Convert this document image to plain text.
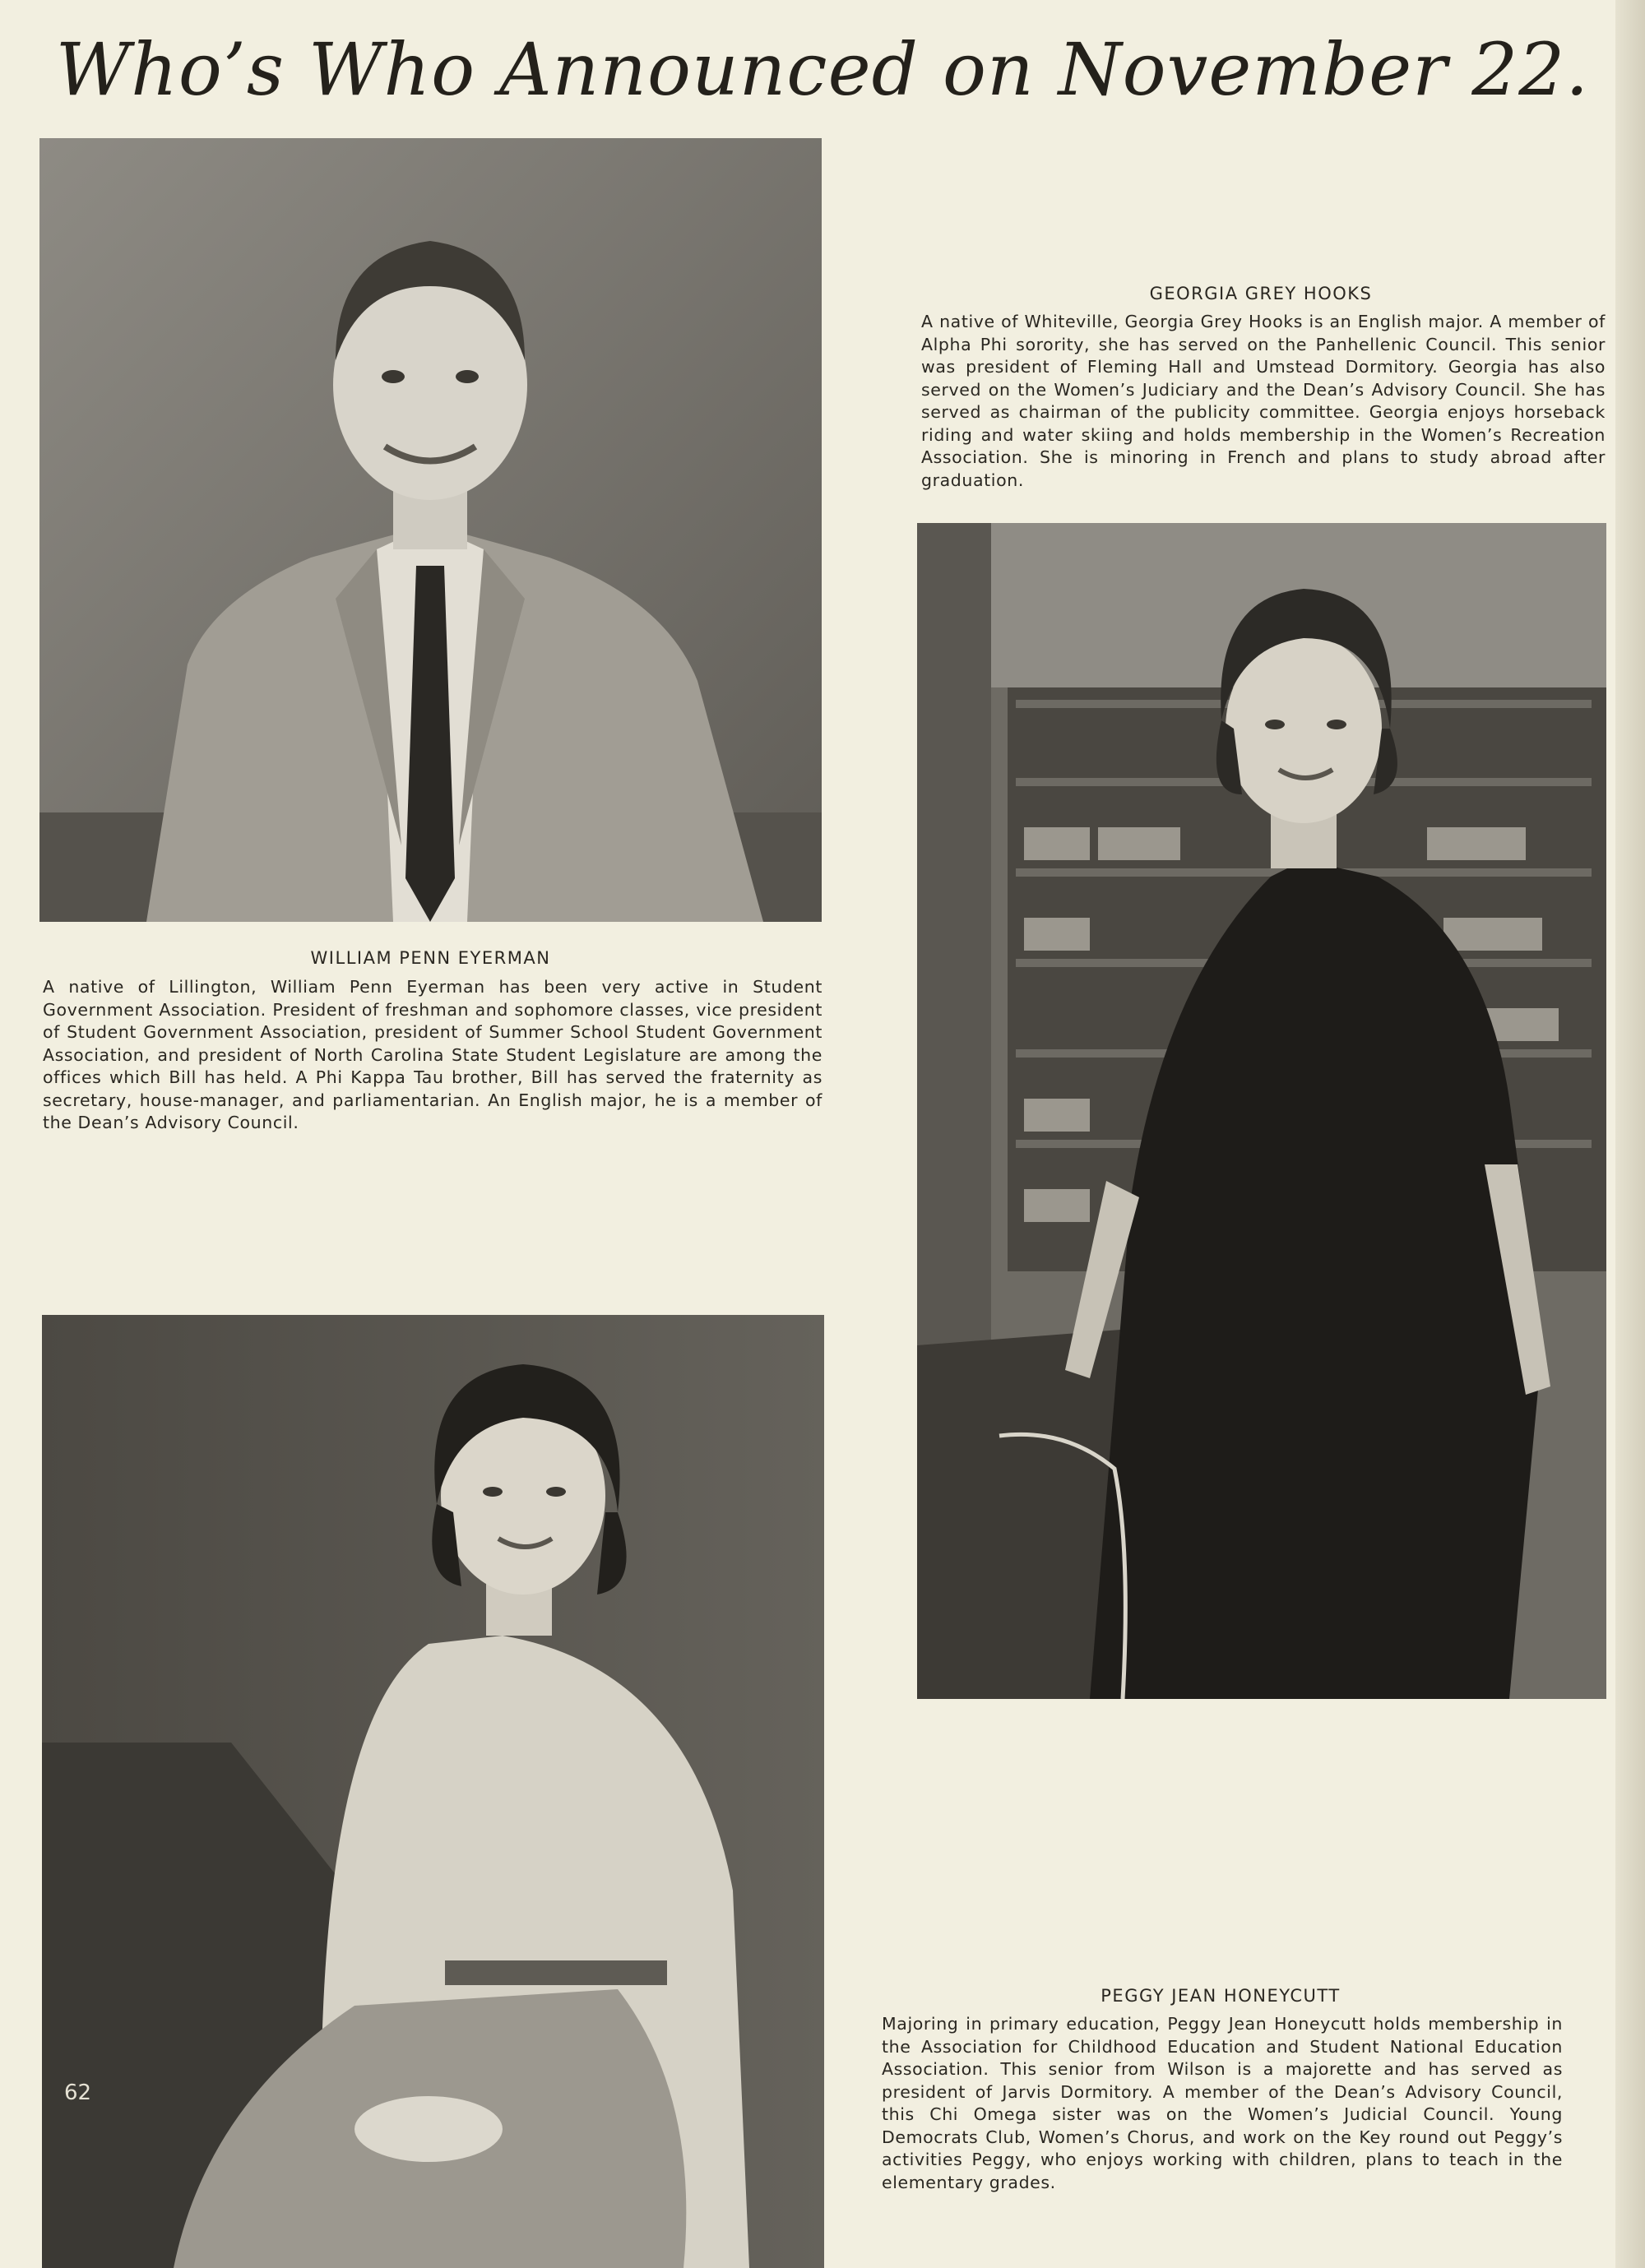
Who’s Who Announced on November 22.
WILLIAM PENN EYERMAN
A native of Lillington, William Penn Eyerman has been very active in Student Government Association. President of freshman and sophomore classes, vice president of Student Government Association, president of Summer School Student Government Association, and president of North Carolina State Student Legislature are among the offices which Bill has held. A Phi Kappa Tau brother, Bill has served the fraternity as secretary, house-manager, and parliamentarian. An English major, he is a member of the Dean’s Advisory Council.
GEORGIA GREY HOOKS
A native of Whiteville, Georgia Grey Hooks is an English major. A member of Alpha Phi sorority, she has served on the Panhellenic Council. This senior was president of Fleming Hall and Umstead Dormitory. Georgia has also served on the Women’s Judiciary and the Dean’s Advisory Council. She has served as chairman of the publicity committee. Georgia enjoys horseback riding and water skiing and holds membership in the Women’s Recreation Association. She is minoring in French and plans to study abroad after graduation.
62
PEGGY JEAN HONEYCUTT
Majoring in primary education, Peggy Jean Honeycutt holds membership in the Association for Childhood Education and Student National Education Association. This senior from Wilson is a majorette and has served as president of Jarvis Dormitory. A member of the Dean’s Advisory Council, this Chi Omega sister was on the Women’s Judicial Council. Young Democrats Club, Women’s Chorus, and work on the Key round out Peggy’s activities Peggy, who enjoys working with children, plans to teach in the elementary grades.
